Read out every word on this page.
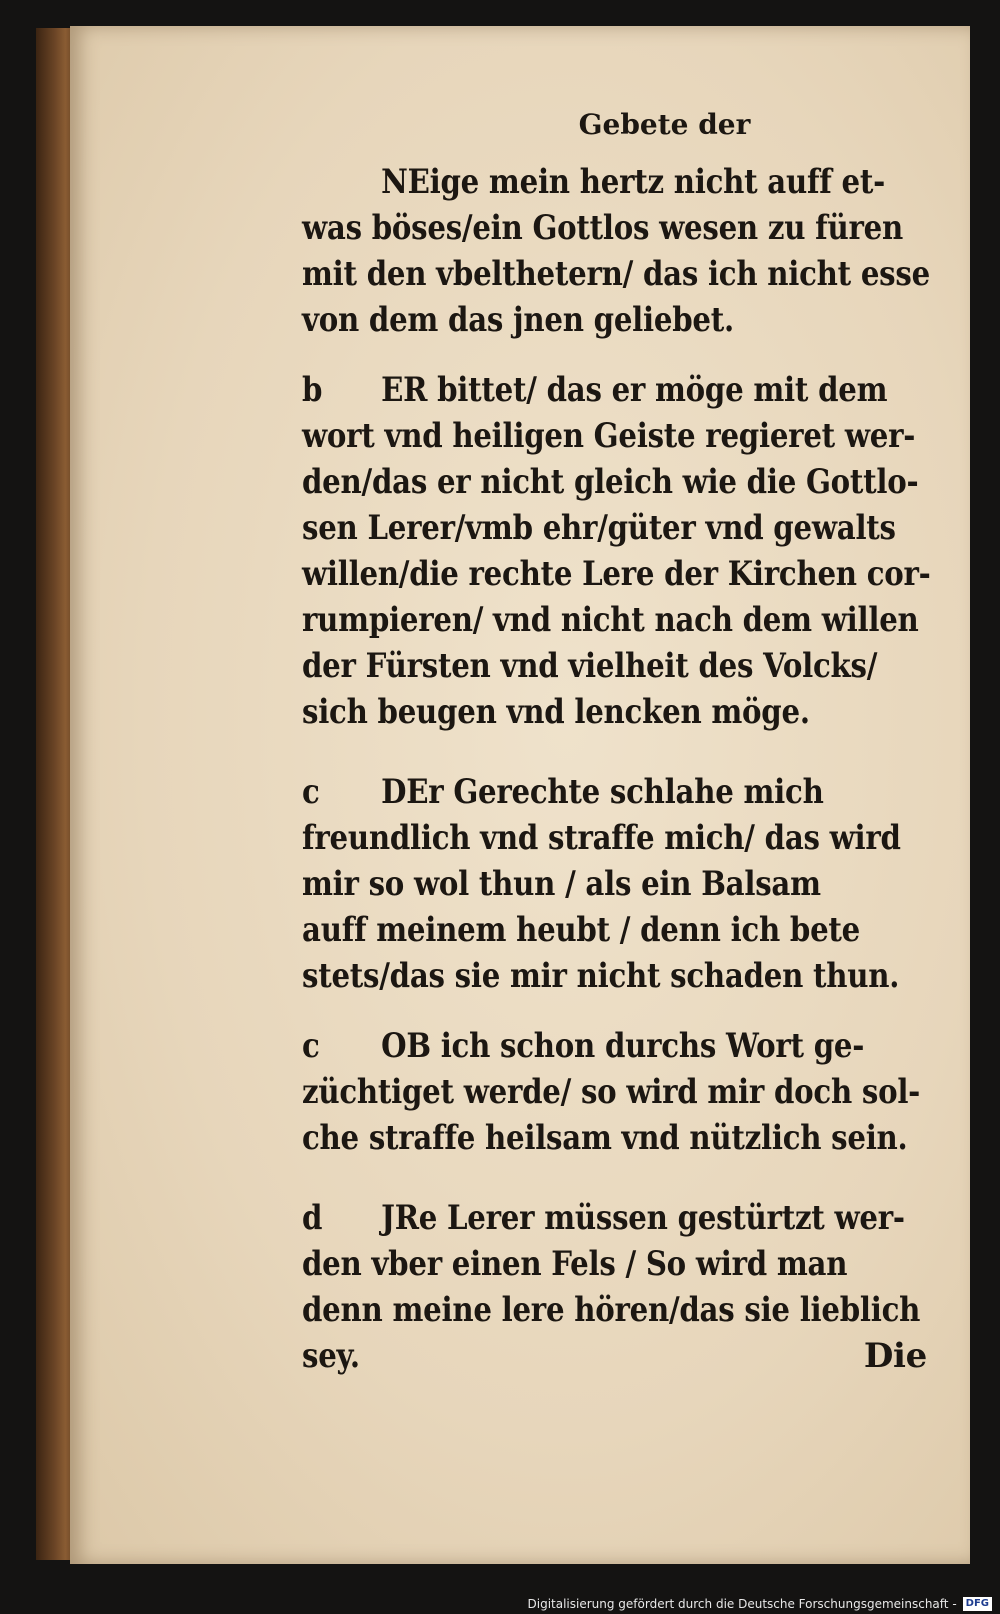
Gebete der
NEige mein hertz nicht auff et-
was böses/ein Gottlos wesen zu füren
mit den vbelthetern/ das ich nicht esse
von dem das jnen geliebet.
b ER bittet/ das er möge mit dem
wort vnd heiligen Geiste regieret wer-
den/das er nicht gleich wie die Gottlo-
sen Lerer/vmb ehr/güter vnd gewalts
willen/die rechte Lere der Kirchen cor-
rumpieren/ vnd nicht nach dem willen
der Fürsten vnd vielheit des Volcks/
sich beugen vnd lencken möge.
c DEr Gerechte schlahe mich
freundlich vnd straffe mich/ das wird
mir so wol thun / als ein Balsam
auff meinem heubt / denn ich bete
stets/das sie mir nicht schaden thun.
c OB ich schon durchs Wort ge-
züchtiget werde/ so wird mir doch sol-
che straffe heilsam vnd nützlich sein.
d JRe Lerer müssen gestürtzt wer-
den vber einen Fels / So wird man
denn meine lere hören/das sie lieblich
sey.	Die
Digitalisierung gefördert durch die Deutsche Forschungsgemeinschaft - DFG
